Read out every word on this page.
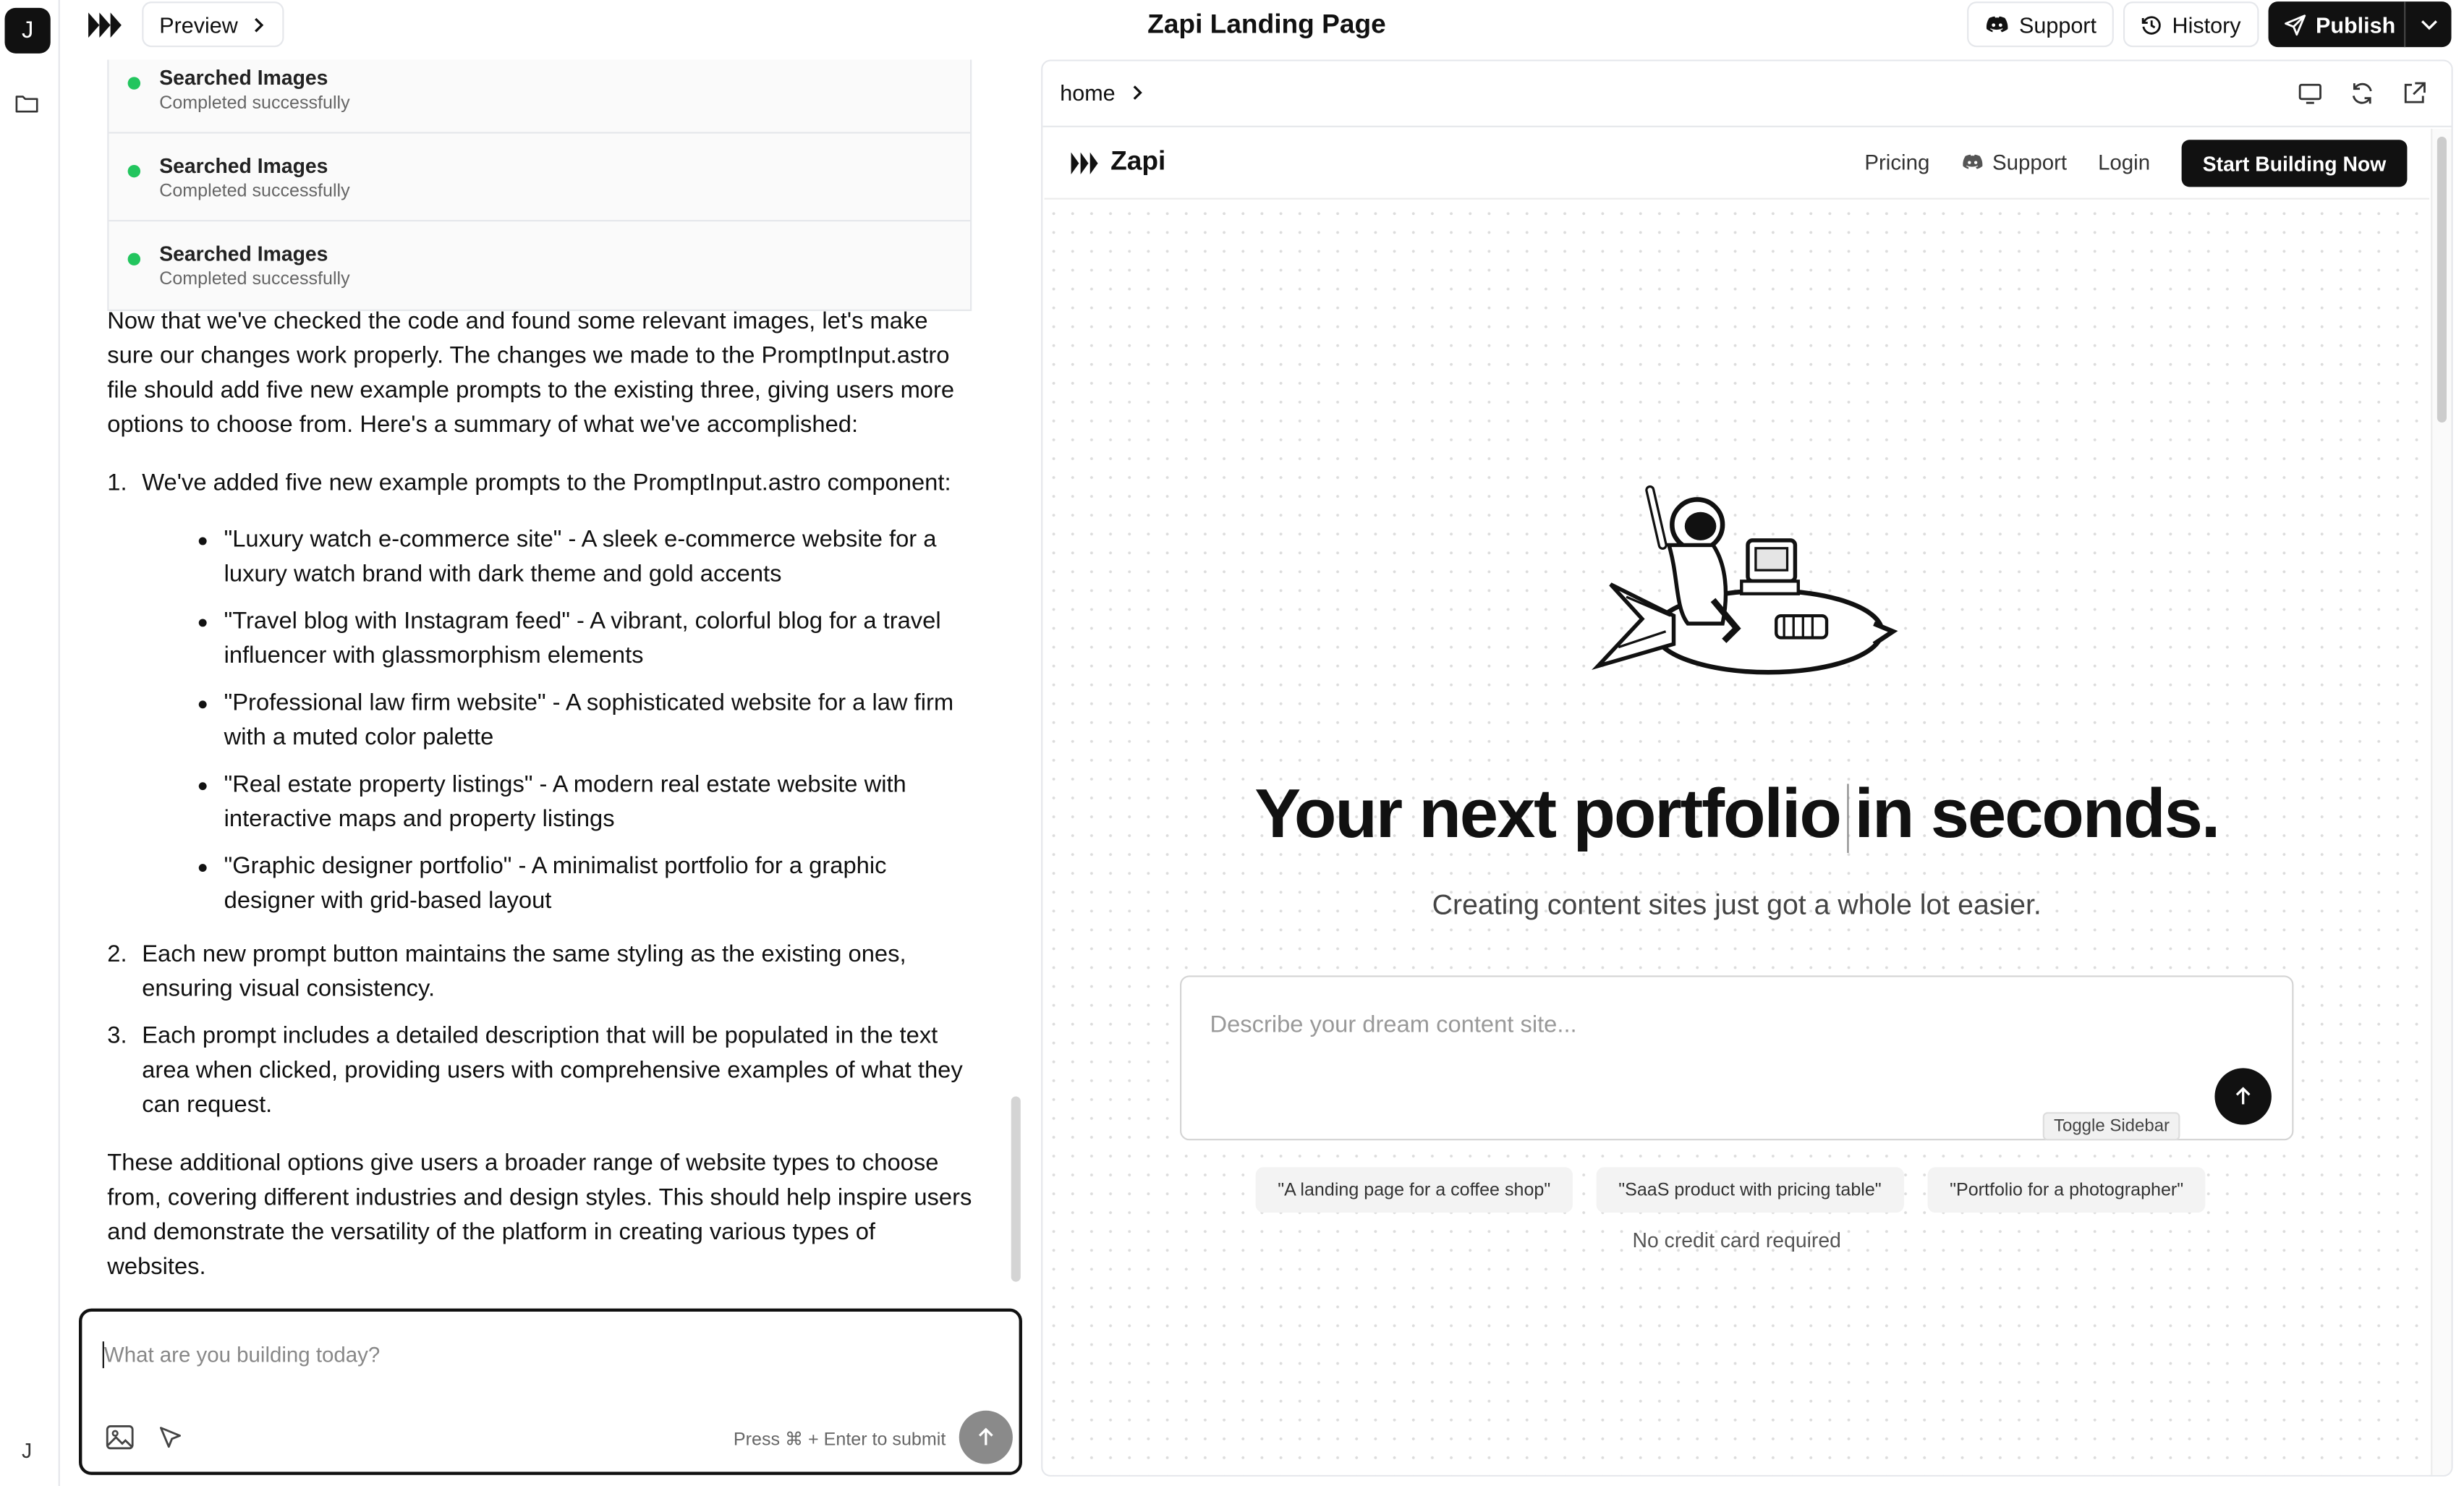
J
J
Preview	Zapi Landing Page	Support	History	Publish
Searched Images
Completed successfully
Searched Images
Completed successfully
Searched Images
Completed successfully

Now that we've checked the code and found some relevant images, let's make sure our changes work properly. The changes we made to the PromptInput.astro file should add five new example prompts to the existing three, giving users more options to choose from. Here's a summary of what we've accomplished:

1. We've added five new example prompts to the PromptInput.astro component:
"Luxury watch e-commerce site" - A sleek e-commerce website for a luxury watch brand with dark theme and gold accents
"Travel blog with Instagram feed" - A vibrant, colorful blog for a travel influencer with glassmorphism elements
"Professional law firm website" - A sophisticated website for a law firm with a muted color palette
"Real estate property listings" - A modern real estate website with interactive maps and property listings
"Graphic designer portfolio" - A minimalist portfolio for a graphic designer with grid-based layout
2. Each new prompt button maintains the same styling as the existing ones, ensuring visual consistency.
3. Each prompt includes a detailed description that will be populated in the text area when clicked, providing users with comprehensive examples of what they can request.

These additional options give users a broader range of website types to choose from, covering different industries and design styles. This should help inspire users and demonstrate the versatility of the platform in creating various types of websites.

What are you building today?
Press ⌘ + Enter to submit
home
Zapi	Pricing	Support	Login	Start Building Now
Your next portfolio in seconds.
Creating content sites just got a whole lot easier.
Describe your dream content site...
Toggle Sidebar
"A landing page for a coffee shop"	"SaaS product with pricing table"	"Portfolio for a photographer"
No credit card required
